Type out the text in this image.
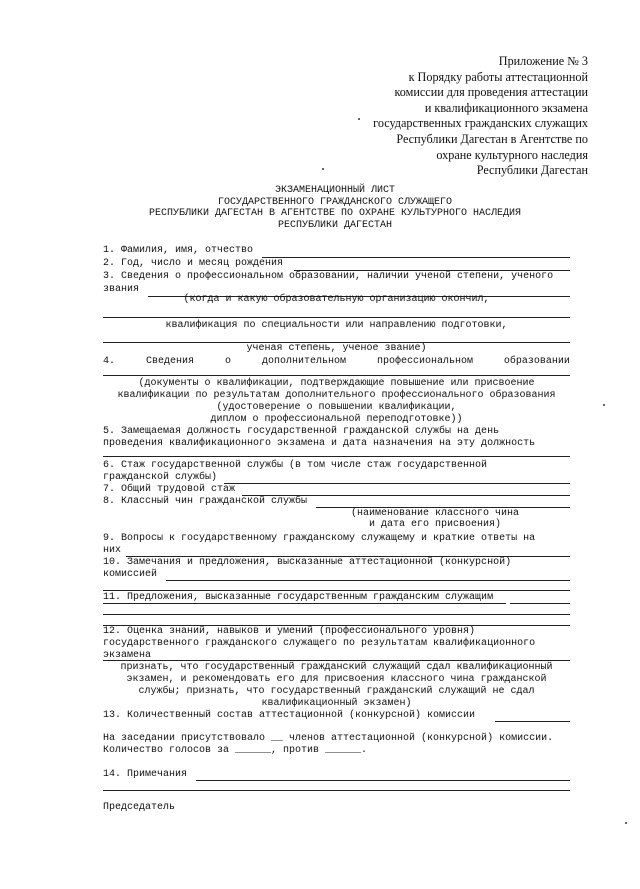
Приложение № 3
к Порядку работы аттестационной
комиссии для проведения аттестации
и квалификационного экзамена
государственных гражданских служащих
Республики Дагестан в Агентстве по
охране культурного наследия
Республики Дагестан
ЭКЗАМЕНАЦИОННЫЙ ЛИСТ
ГОСУДАРСТВЕННОГО ГРАЖДАНСКОГО СЛУЖАЩЕГО
РЕСПУБЛИКИ ДАГЕСТАН В АГЕНТСТВЕ ПО ОХРАНЕ КУЛЬТУРНОГО НАСЛЕДИЯ
РЕСПУБЛИКИ ДАГЕСТАН
1. Фамилия, имя, отчество
2. Год, число и месяц рождения
3. Сведения о профессиональном образовании, наличии ученой степени, ученого
звания
(когда и какую образовательную организацию окончил,
квалификация по специальности или направлению подготовки,
ученая степень, ученое звание)
4.	Сведения	о	дополнительном	профессиональном	образовании
(документы о квалификации, подтверждающие повышение или присвоение
квалификации по результатам дополнительного профессионального образования
(удостоверение о повышении квалификации,
диплом о профессиональной переподготовке))
5. Замещаемая должность государственной гражданской службы на день
проведения квалификационного экзамена и дата назначения на эту должность
6. Стаж государственной службы (в том числе стаж государственной
гражданской службы)
7. Общий трудовой стаж
8. Классный чин гражданской службы
(наименование классного чина
и дата его присвоения)
9. Вопросы к государственному гражданскому служащему и краткие ответы на
них
10. Замечания и предложения, высказанные аттестационной (конкурсной)
комиссией
11. Предложения, высказанные государственным гражданским служащим
12. Оценка знаний, навыков и умений (профессионального уровня)
государственного гражданского служащего по результатам квалификационного
экзамена
признать, что государственный гражданский служащий сдал квалификационный
экзамен, и рекомендовать его для присвоения классного чина гражданской
службы; признать, что государственный гражданский служащий не сдал
квалификационный экзамен)
13. Количественный состав аттестационной (конкурсной) комиссии
На заседании присутствовало __ членов аттестационной (конкурсной) комиссии.
Количество голосов за ______, против ______.
14. Примечания
Председатель
